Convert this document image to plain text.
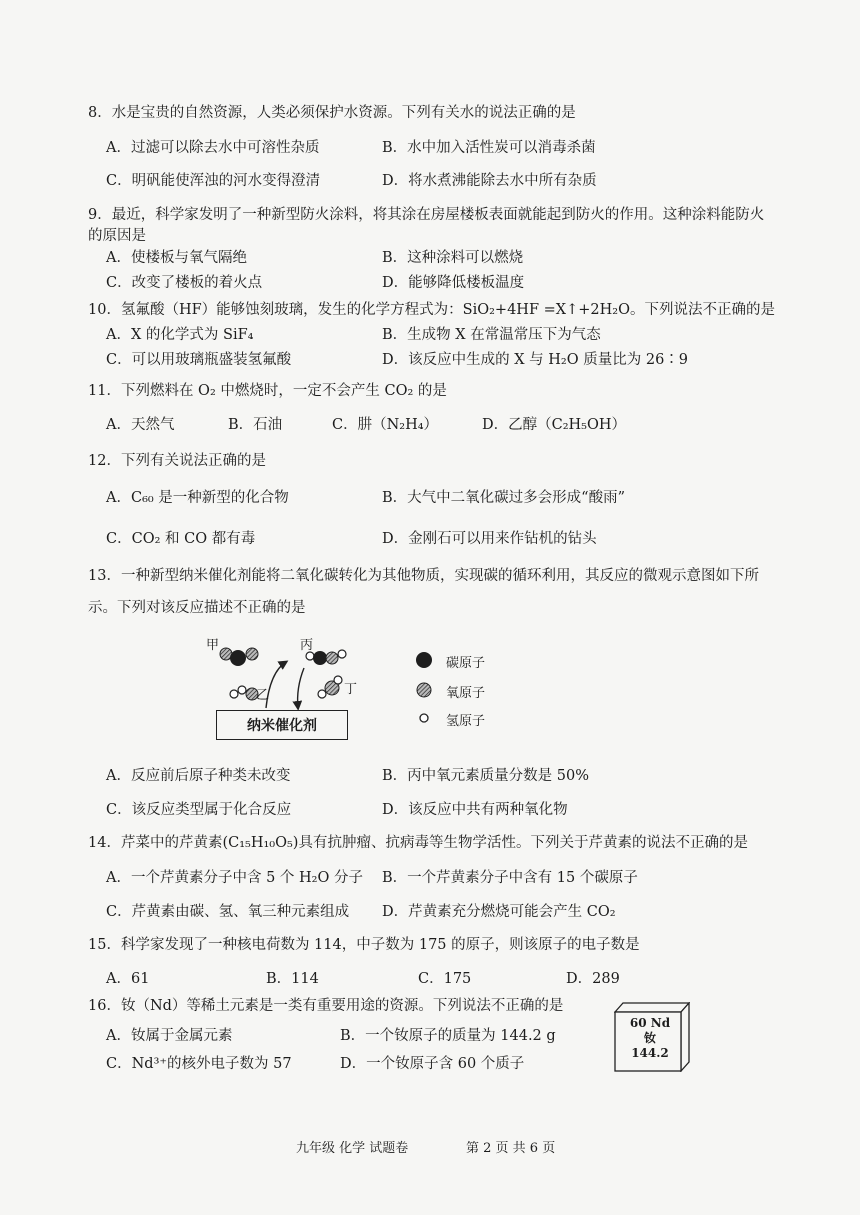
8．水是宝贵的自然资源，人类必须保护水资源。下列有关水的说法正确的是
A．过滤可以除去水中可溶性杂质	B．水中加入活性炭可以消毒杀菌
C．明矾能使浑浊的河水变得澄清	D．将水煮沸能除去水中所有杂质
9．最近，科学家发明了一种新型防火涂料，将其涂在房屋楼板表面就能起到防火的作用。这种涂料能防火
的原因是
A．使楼板与氧气隔绝	B．这种涂料可以燃烧
C．改变了楼板的着火点	D．能够降低楼板温度
10．氢氟酸（HF）能够蚀刻玻璃，发生的化学方程式为：SiO₂+4HF =X↑+2H₂O。下列说法不正确的是
A．X 的化学式为 SiF₄	B．生成物 X 在常温常压下为气态
C．可以用玻璃瓶盛装氢氟酸	D．该反应中生成的 X 与 H₂O 质量比为 26∶9
11．下列燃料在 O₂ 中燃烧时，一定不会产生 CO₂ 的是
A．天然气	B．石油	C．肼（N₂H₄）	D．乙醇（C₂H₅OH）
12．下列有关说法正确的是
A．C₆₀ 是一种新型的化合物	B．大气中二氧化碳过多会形成“酸雨”
C．CO₂ 和 CO 都有毒	D．金刚石可以用来作钻机的钻头
13．一种新型纳米催化剂能将二氧化碳转化为其他物质，实现碳的循环利用，其反应的微观示意图如下所
示。下列对该反应描述不正确的是
甲
乙
丙
丁
纳米催化剂
碳原子
氧原子
氢原子
A．反应前后原子种类未改变	B．丙中氧元素质量分数是 50%
C．该反应类型属于化合反应	D．该反应中共有两种氧化物
14．芹菜中的芹黄素(C₁₅H₁₀O₅)具有抗肿瘤、抗病毒等生物学活性。下列关于芹黄素的说法不正确的是
A．一个芹黄素分子中含 5 个 H₂O 分子 B．一个芹黄素分子中含有 15 个碳原子
C．芹黄素由碳、氢、氧三种元素组成 D．芹黄素充分燃烧可能会产生 CO₂
15．科学家发现了一种核电荷数为 114，中子数为 175 的原子，则该原子的电子数是
A．61	B．114	C．175	D．289
16．钕（Nd）等稀土元素是一类有重要用途的资源。下列说法不正确的是
A．钕属于金属元素	B．一个钕原子的质量为 144.2 g
C．Nd³⁺的核外电子数为 57	D．一个钕原子含 60 个质子
60 Nd
钕
144.2
九年级 化学 试题卷	第 2 页 共 6 页
